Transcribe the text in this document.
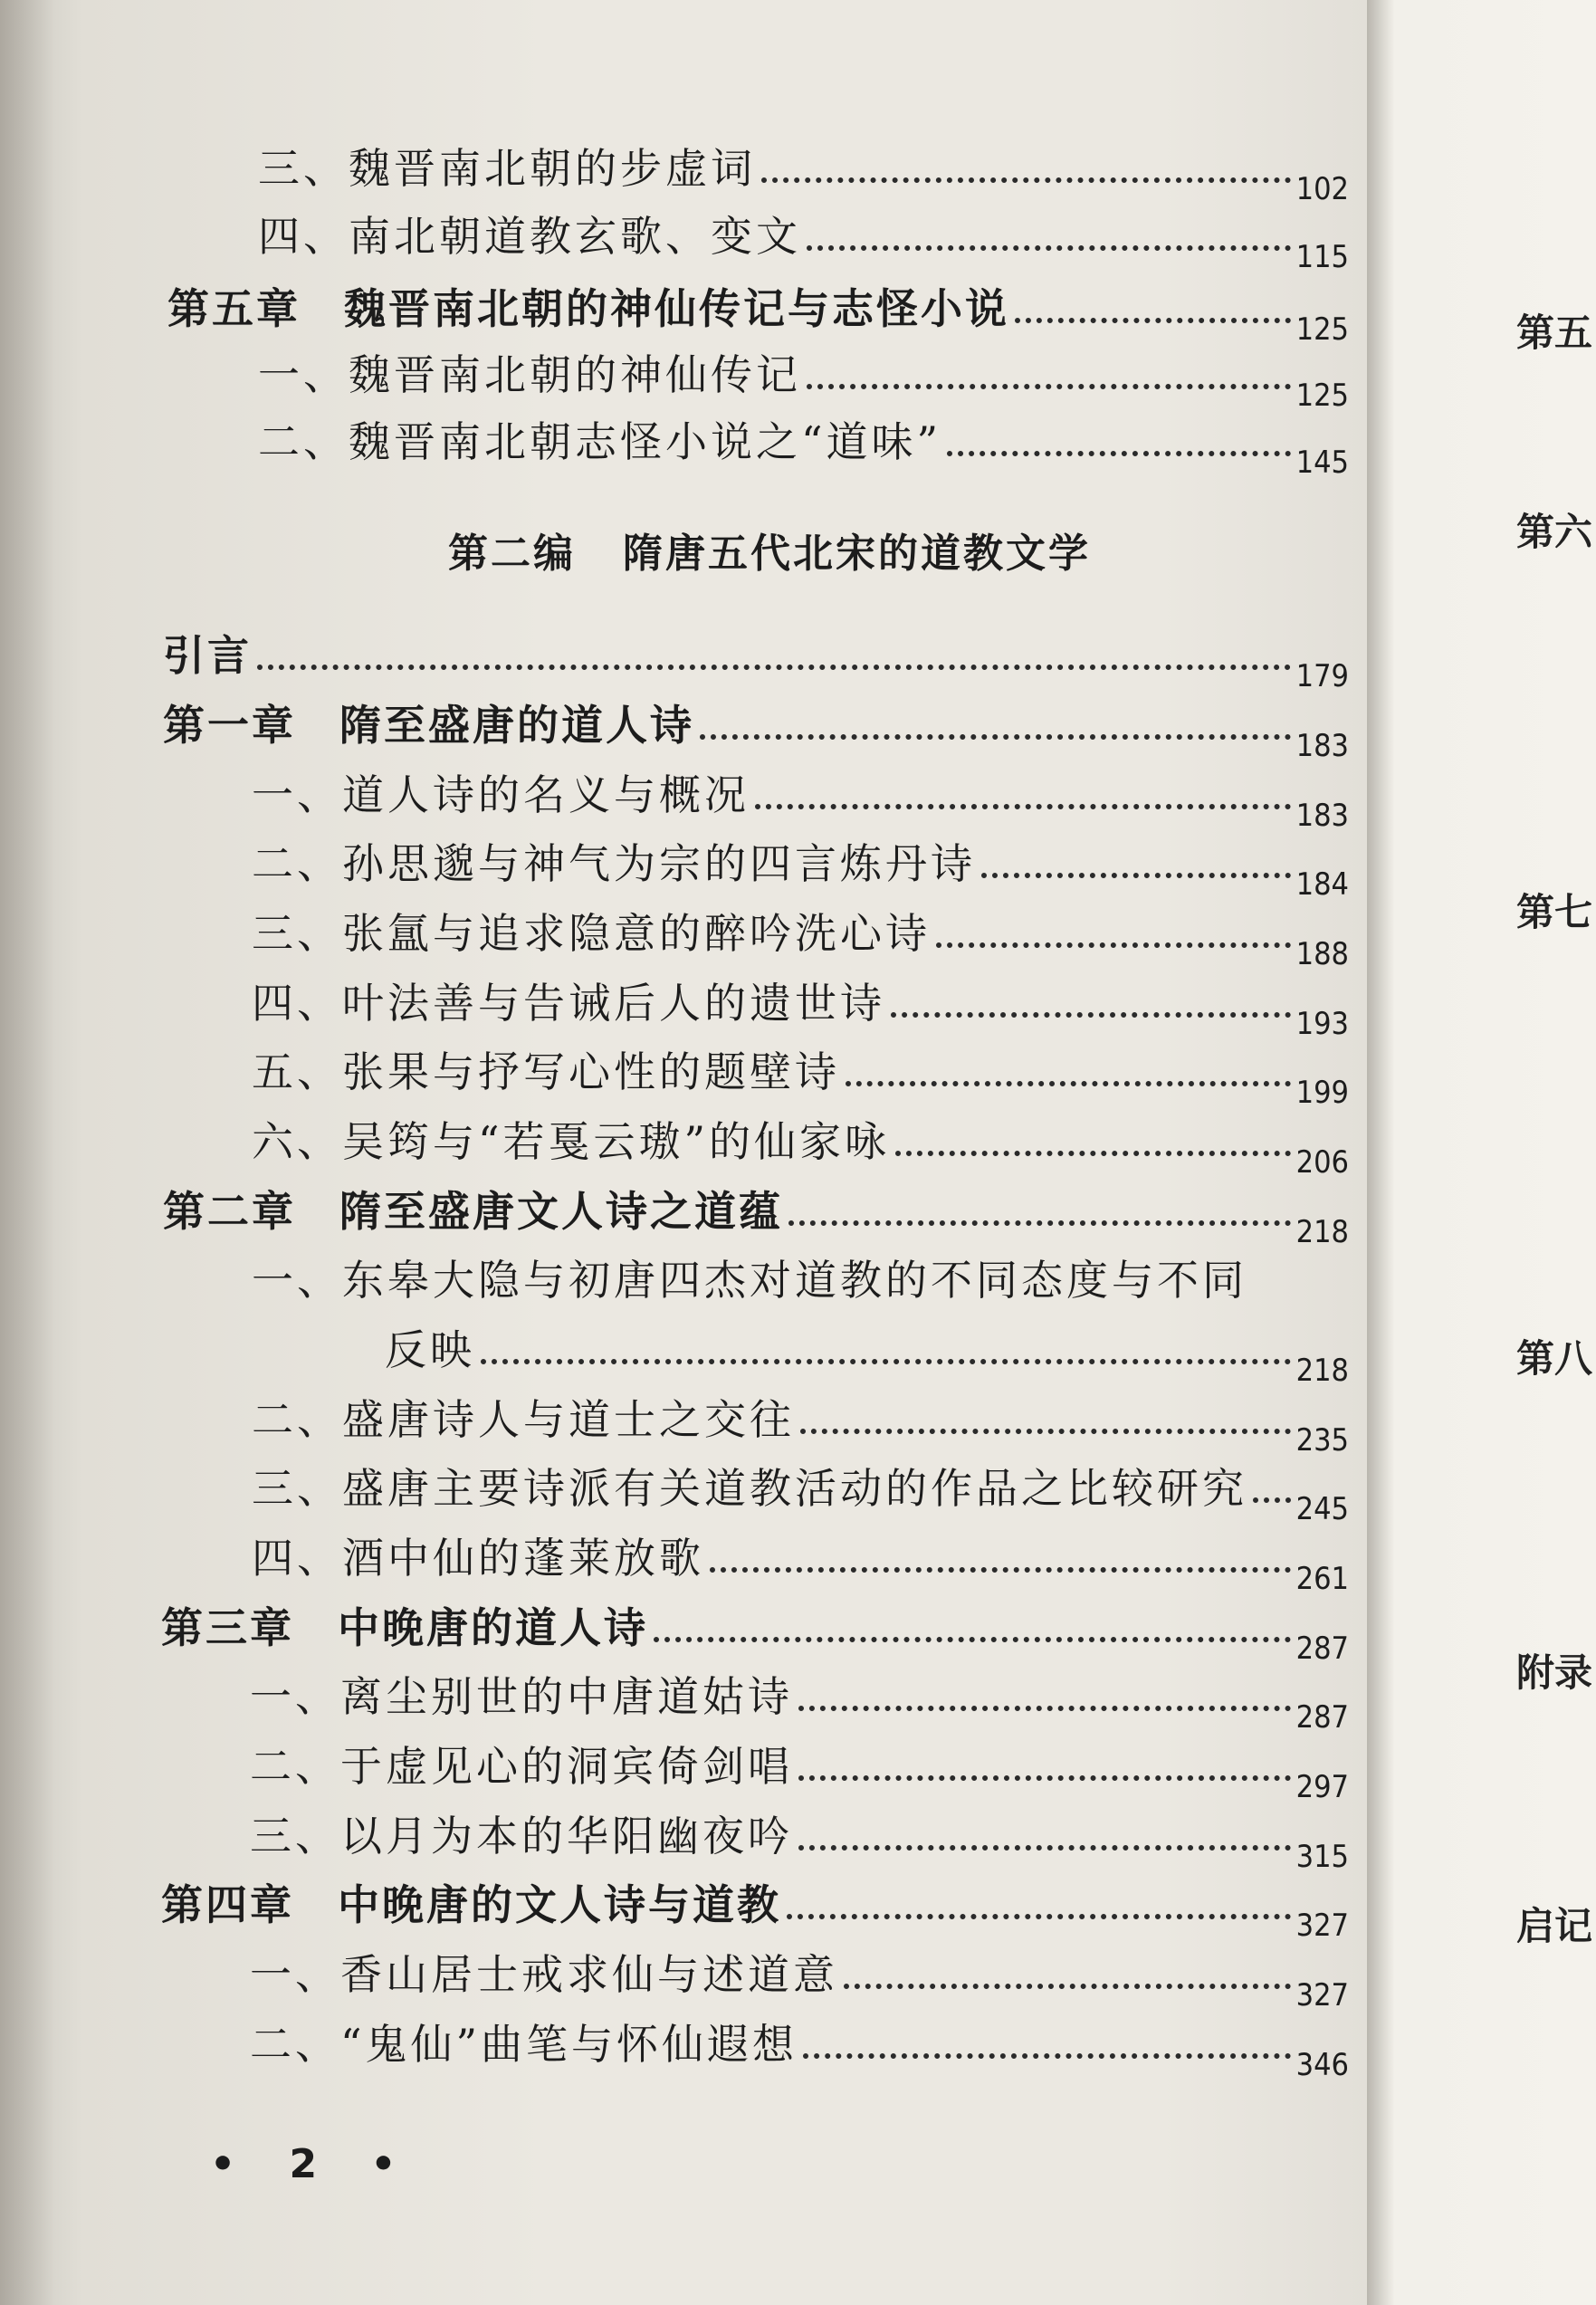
三、魏晋南北朝的步虚词	102
四、南北朝道教玄歌、变文	115
第五章 魏晋南北朝的神仙传记与志怪小说	125
一、魏晋南北朝的神仙传记	125
二、魏晋南北朝志怪小说之“道味”	145
第二编 隋唐五代北宋的道教文学
引言	179
第一章 隋至盛唐的道人诗	183
一、道人诗的名义与概况	183
二、孙思邈与神气为宗的四言炼丹诗	184
三、张氲与追求隐意的醉吟洗心诗	188
四、叶法善与告诫后人的遗世诗	193
五、张果与抒写心性的题壁诗	199
六、吴筠与“若戛云璈”的仙家咏	206
第二章 隋至盛唐文人诗之道蕴	218
一、东皋大隐与初唐四杰对道教的不同态度与不同
反映	218
二、盛唐诗人与道士之交往	235
三、盛唐主要诗派有关道教活动的作品之比较研究 245
四、酒中仙的蓬莱放歌	261
第三章 中晚唐的道人诗	287
一、离尘别世的中唐道姑诗	287
二、于虚见心的洞宾倚剑唱	297
三、以月为本的华阳幽夜吟	315
第四章 中晚唐的文人诗与道教	327
一、香山居士戒求仙与述道意	327
二、“鬼仙”曲笔与怀仙遐想	346
• 2 •
第五
第六
第七
第八
附录
启记
